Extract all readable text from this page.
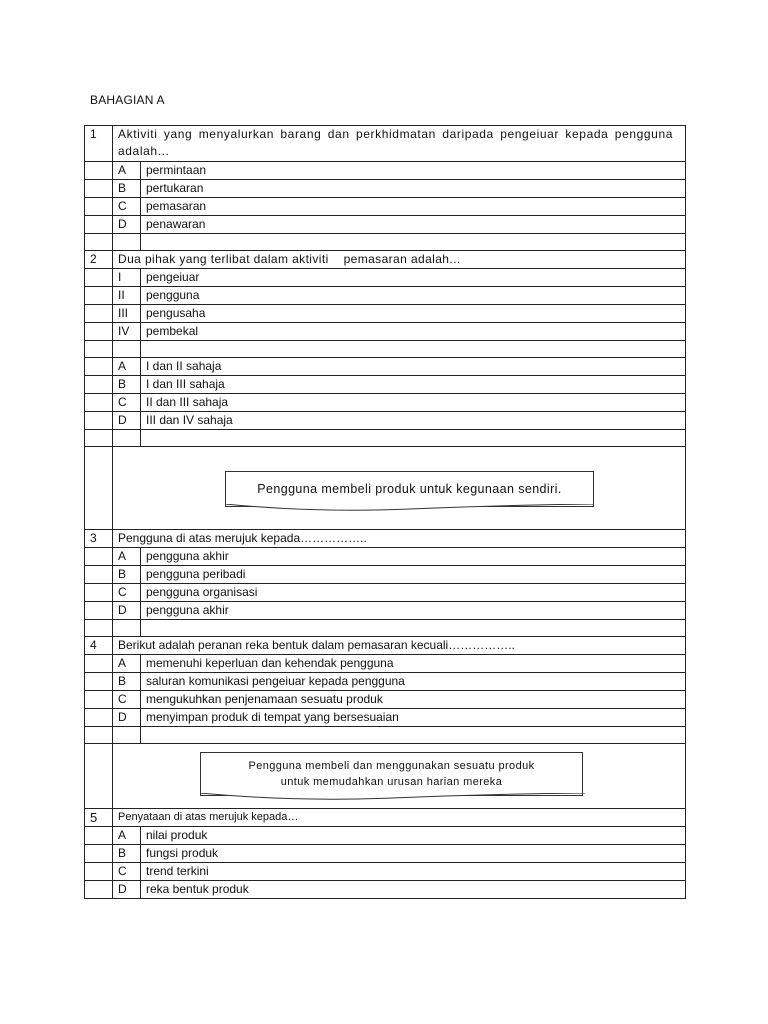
BAHAGIAN A
1	Aktiviti yang menyalurkan barang dan perkhidmatan daripada pengeiuar kepada pengguna adalah...	

	A	permintaan
	B	pertukaran
	C	pemasaran
	D	penawaran

2	Dua pihak yang terlibat dalam aktiviti    pemasaran adalah...	
	I	pengeiuar
	II	pengguna
	III	pengusaha
	IV	pembekal

	A	I dan II sahaja
	B	I dan III sahaja
	C	II dan III sahaja
	D	III dan IV sahaja

	Pengguna membeli produk untuk kegunaan sendiri.	

3	Pengguna di atas merujuk kepada……………..	
	A	pengguna akhir
	B	pengguna peribadi
	C	pengguna organisasi
	D	pengguna akhir

4	Berikut adalah peranan reka bentuk dalam pemasaran kecuali……………..	
	A	memenuhi keperluan dan kehendak pengguna
	B	saluran komunikasi pengeiuar kepada pengguna
	C	mengukuhkan penjenamaan sesuatu produk
	D	menyimpan produk di tempat yang bersesuaian

	Pengguna membeli dan menggunakan sesuatu produk
untuk memudahkan urusan harian mereka	

5	Penyataan di atas merujuk kepada…	
	A	nilai produk
	B	fungsi produk
	C	trend terkini
	D	reka bentuk produk
